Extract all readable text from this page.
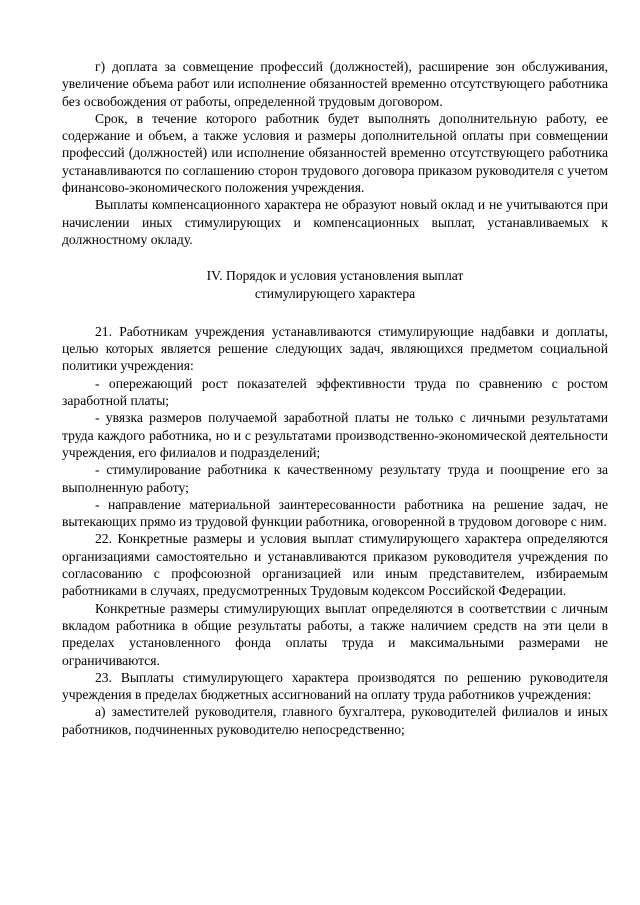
г) доплата за совмещение профессий (должностей), расширение зон обслуживания, увеличение объема работ или исполнение обязанностей временно отсутствующего работника без освобождения от работы, определенной трудовым договором.

Срок, в течение которого работник будет выполнять дополнительную работу, ее содержание и объем, а также условия и размеры дополнительной оплаты при совмещении профессий (должностей) или исполнение обязанностей временно отсутствующего работника устанавливаются по соглашению сторон трудового договора приказом руководителя с учетом финансово-экономического положения учреждения.

Выплаты компенсационного характера не образуют новый оклад и не учитываются при начислении иных стимулирующих и компенсационных выплат, устанавливаемых к должностному окладу.

IV. Порядок и условия установления выплат
стимулирующего характера

21. Работникам учреждения устанавливаются стимулирующие надбавки и доплаты, целью которых является решение следующих задач, являющихся предметом социальной политики учреждения:

- опережающий рост показателей эффективности труда по сравнению с ростом заработной платы;

- увязка размеров получаемой заработной платы не только с личными результатами труда каждого работника, но и с результатами производственно-экономической деятельности учреждения, его филиалов и подразделений;

- стимулирование работника к качественному результату труда и поощрение его за выполненную работу;

- направление материальной заинтересованности работника на решение задач, не вытекающих прямо из трудовой функции работника, оговоренной в трудовом договоре с ним.

22. Конкретные размеры и условия выплат стимулирующего характера определяются организациями самостоятельно и устанавливаются приказом руководителя учреждения по согласованию с профсоюзной организацией или иным представителем, избираемым работниками в случаях, предусмотренных Трудовым кодексом Российской Федерации.

Конкретные размеры стимулирующих выплат определяются в соответствии с личным вкладом работника в общие результаты работы, а также наличием средств на эти цели в пределах установленного фонда оплаты труда и максимальными размерами не ограничиваются.

23. Выплаты стимулирующего характера производятся по решению руководителя учреждения в пределах бюджетных ассигнований на оплату труда работников учреждения:

а) заместителей руководителя, главного бухгалтера, руководителей филиалов и иных работников, подчиненных руководителю непосредственно;
